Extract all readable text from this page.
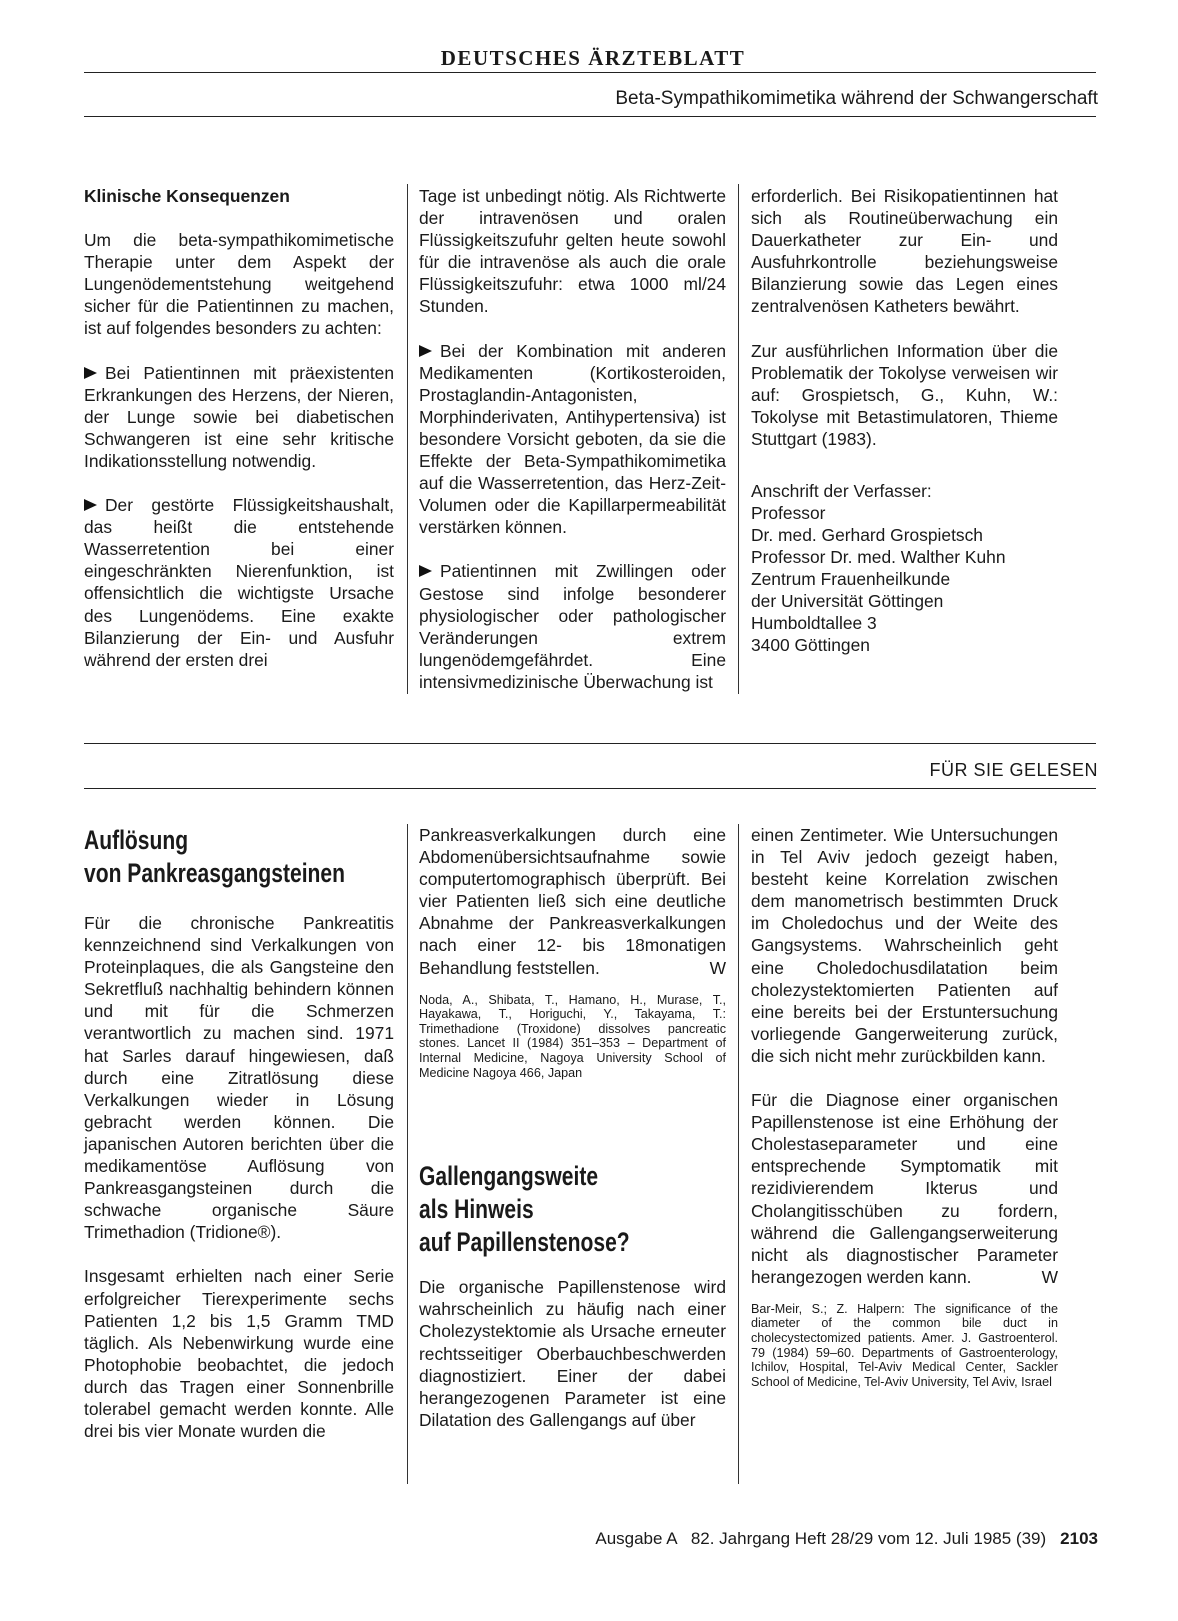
DEUTSCHES ÄRZTEBLATT
Beta-Sympathikomimetika während der Schwangerschaft
Klinische Konsequenzen

Um die beta-sympathikomimetische Therapie unter dem Aspekt der Lungenödementstehung weitgehend sicher für die Patientinnen zu machen, ist auf folgendes besonders zu achten:

Bei Patientinnen mit präexistenten Erkrankungen des Herzens, der Nieren, der Lunge sowie bei diabetischen Schwangeren ist eine sehr kritische Indikationsstellung notwendig.

Der gestörte Flüssigkeitshaushalt, das heißt die entstehende Wasserretention bei einer eingeschränkten Nierenfunktion, ist offensichtlich die wichtigste Ursache des Lungenödems. Eine exakte Bilanzierung der Ein- und Ausfuhr während der ersten drei

Tage ist unbedingt nötig. Als Richtwerte der intravenösen und oralen Flüssigkeitszufuhr gelten heute sowohl für die intravenöse als auch die orale Flüssigkeitszufuhr: etwa 1000 ml/24 Stunden.

Bei der Kombination mit anderen Medikamenten (Kortikosteroiden, Prostaglandin-Antagonisten, Morphinderivaten, Antihypertensiva) ist besondere Vorsicht geboten, da sie die Effekte der Beta-Sympathikomimetika auf die Wasserretention, das Herz-Zeit-Volumen oder die Kapillarpermeabilität verstärken können.

Patientinnen mit Zwillingen oder Gestose sind infolge besonderer physiologischer oder pathologischer Veränderungen extrem lungenödemgefährdet. Eine intensivmedizinische Überwachung ist

erforderlich. Bei Risikopatientinnen hat sich als Routineüberwachung ein Dauerkatheter zur Ein- und Ausfuhrkontrolle beziehungsweise Bilanzierung sowie das Legen eines zentralvenösen Katheters bewährt.

Zur ausführlichen Information über die Problematik der Tokolyse verweisen wir auf: Grospietsch, G., Kuhn, W.: Tokolyse mit Betastimulatoren, Thieme Stuttgart (1983).

Anschrift der Verfasser:
Professor
Dr. med. Gerhard Grospietsch
Professor Dr. med. Walther Kuhn
Zentrum Frauenheilkunde
der Universität Göttingen
Humboldtallee 3
3400 Göttingen
FÜR SIE GELESEN
Auflösung
von Pankreasgangsteinen

Für die chronische Pankreatitis kennzeichnend sind Verkalkungen von Proteinplaques, die als Gangsteine den Sekretfluß nachhaltig behindern können und mit für die Schmerzen verantwortlich zu machen sind. 1971 hat Sarles darauf hingewiesen, daß durch eine Zitratlösung diese Verkalkungen wieder in Lösung gebracht werden können. Die japanischen Autoren berichten über die medikamentöse Auflösung von Pankreasgangsteinen durch die schwache organische Säure Trimethadion (Tridione®).

Insgesamt erhielten nach einer Serie erfolgreicher Tierexperimente sechs Patienten 1,2 bis 1,5 Gramm TMD täglich. Als Nebenwirkung wurde eine Photophobie beobachtet, die jedoch durch das Tragen einer Sonnenbrille tolerabel gemacht werden konnte. Alle drei bis vier Monate wurden die

Pankreasverkalkungen durch eine Abdomenübersichtsaufnahme sowie computertomographisch überprüft. Bei vier Patienten ließ sich eine deutliche Abnahme der Pankreasverkalkungen nach einer 12- bis 18monatigen Behandlung feststellen.	W

Noda, A., Shibata, T., Hamano, H., Murase, T., Hayakawa, T., Horiguchi, Y., Takayama, T.: Trimethadione (Troxidone) dissolves pancreatic stones. Lancet II (1984) 351–353 – Department of Internal Medicine, Nagoya University School of Medicine Nagoya 466, Japan
Gallengangsweite
als Hinweis
auf Papillenstenose?

Die organische Papillenstenose wird wahrscheinlich zu häufig nach einer Cholezystektomie als Ursache erneuter rechtsseitiger Oberbauchbeschwerden diagnostiziert. Einer der dabei herangezogenen Parameter ist eine Dilatation des Gallengangs auf über

einen Zentimeter. Wie Untersuchungen in Tel Aviv jedoch gezeigt haben, besteht keine Korrelation zwischen dem manometrisch bestimmten Druck im Choledochus und der Weite des Gangsystems. Wahrscheinlich geht eine Choledochusdilatation beim cholezystektomierten Patienten auf eine bereits bei der Erstuntersuchung vorliegende Gangerweiterung zurück, die sich nicht mehr zurückbilden kann.

Für die Diagnose einer organischen Papillenstenose ist eine Erhöhung der Cholestaseparameter und eine entsprechende Symptomatik mit rezidivierendem Ikterus und Cholangitisschüben zu fordern, während die Gallengangserweiterung nicht als diagnostischer Parameter herangezogen werden kann.	W

Bar-Meir, S.; Z. Halpern: The significance of the diameter of the common bile duct in cholecystectomized patients. Amer. J. Gastroenterol. 79 (1984) 59–60. Departments of Gastroenterology, Ichilov, Hospital, Tel-Aviv Medical Center, Sackler School of Medicine, Tel-Aviv University, Tel Aviv, Israel
Ausgabe A   82. Jahrgang Heft 28/29 vom 12. Juli 1985 (39) 2103
